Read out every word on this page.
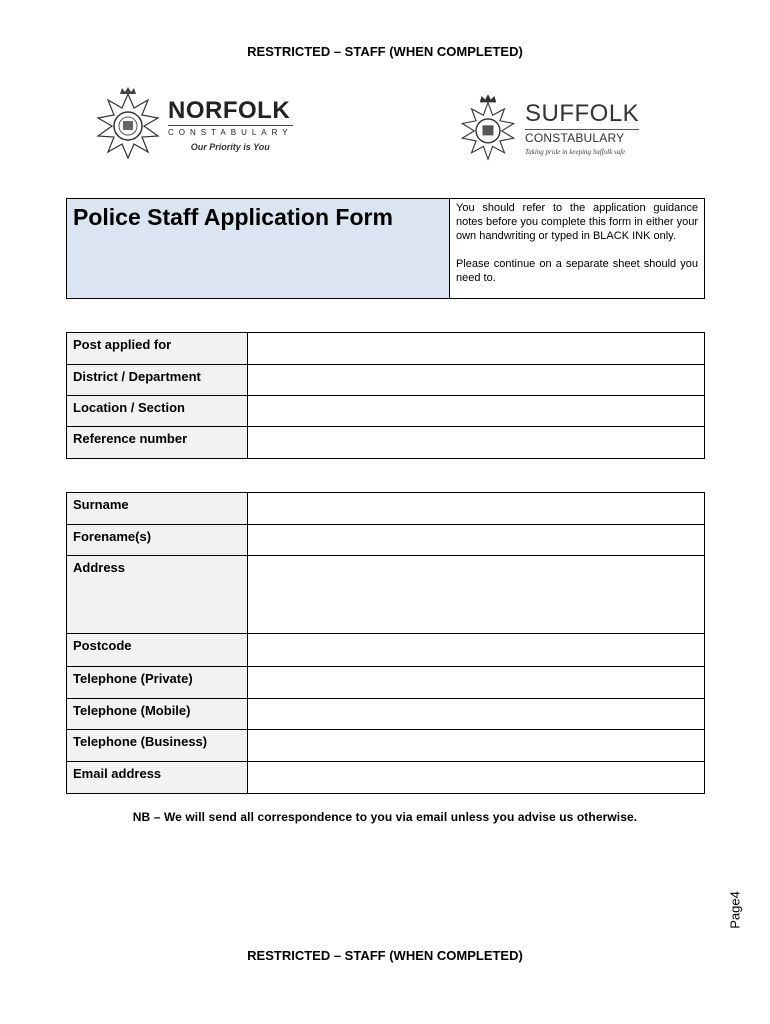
RESTRICTED – STAFF (WHEN COMPLETED)
NORFOLK
CONSTABULARY
Our Priority is You
SUFFOLK
CONSTABULARY
Taking pride in keeping Suffolk safe
Police Staff Application Form	You should refer to the application guidance notes before you complete this form in either your own handwriting or typed in BLACK INK only.

Please continue on a separate sheet should you need to.

Post applied for	
District / Department	
Location / Section	
Reference number	
Surname	
Forename(s)	
Address	
Postcode	
Telephone (Private)	
Telephone (Mobile)	
Telephone (Business)	
Email address	
NB – We will send all correspondence to you via email unless you advise us otherwise.
Page4
RESTRICTED – STAFF (WHEN COMPLETED)
